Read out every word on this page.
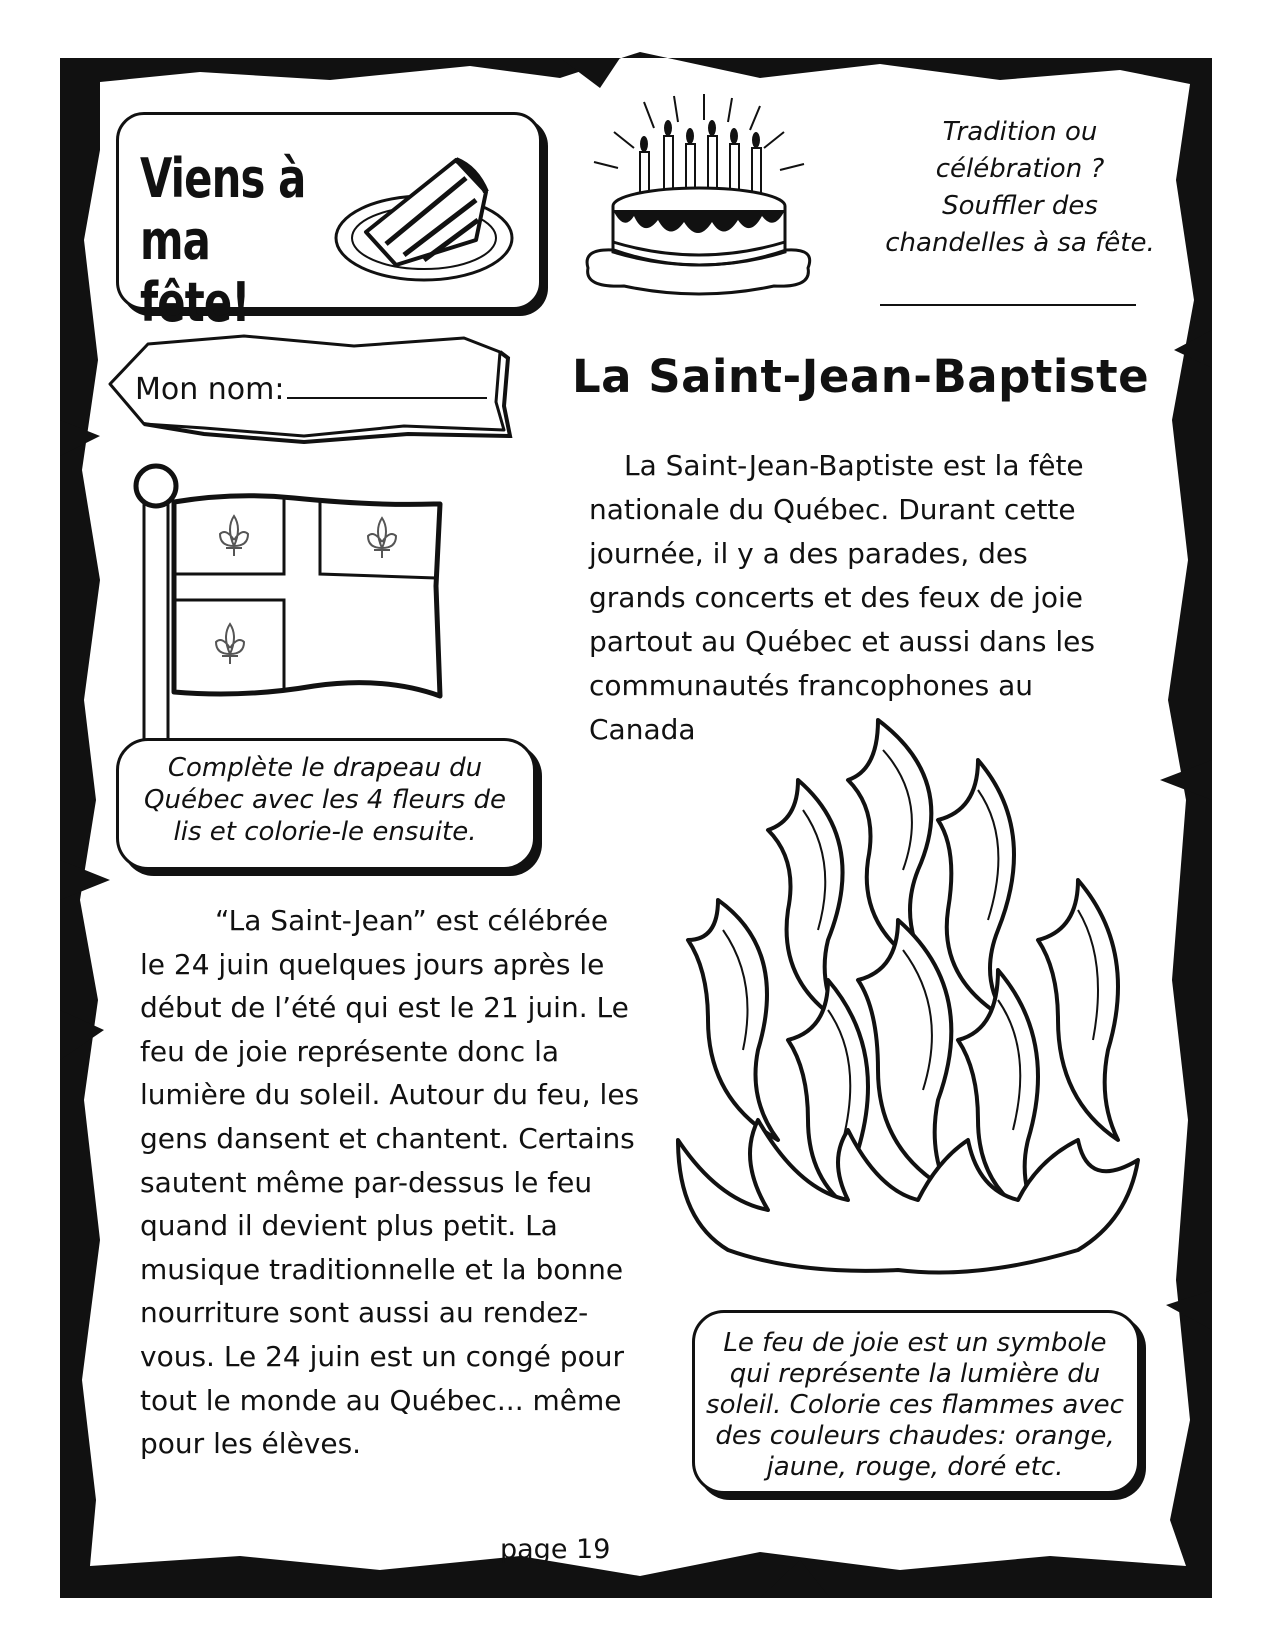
Viens à
ma fête!
Tradition ou
célébration ?
Souffler des
chandelles à sa fête.
Mon nom:	La Saint-Jean-Baptiste
La Saint-Jean-Baptiste est la fête nationale du Québec. Durant cette journée, il y a des parades, des grands concerts et des feux de joie partout au Québec et aussi dans les communautés francophones au Canada
Complète le drapeau du Québec avec les 4 fleurs de lis et colorie-le ensuite.
“La Saint-Jean” est célébrée le 24 juin quelques jours après le début de l’été qui est le 21 juin. Le feu de joie représente donc la lumière du soleil. Autour du feu, les gens dansent et chantent. Certains sautent même par-dessus le feu quand il devient plus petit. La musique traditionnelle et la bonne nourriture sont aussi au rendez-vous. Le 24 juin est un congé pour tout le monde au Québec... même pour les élèves.
Le feu de joie est un symbole qui représente la lumière du soleil. Colorie ces flammes avec des couleurs chaudes: orange, jaune, rouge, doré etc.
page 19
